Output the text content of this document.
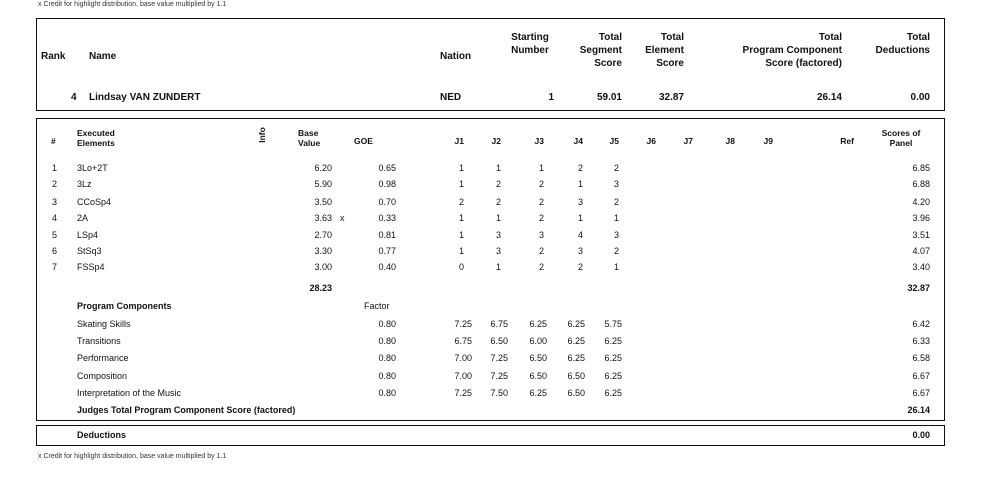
x Credit for highlight distribution, base value multiplied by 1.1
Rank Name	Nation
Starting
Number
Total
Segment
Score
Total
Element
Score
Total
Program Component
Score (factored)
Total
Deductions
4 Lindsay VAN ZUNDERT	NED	1	59.01	32.87	26.14	0.00
#
Executed
Elements
Info	Base
Value	GOE	J1	J2	J3	J4	J5	J6	J7	J8	J9	Ref
Scores of
Panel
1 3Lo+2T	6.20	0.65	1	1	1	2	2	6.85
2 3Lz	5.90	0.98	1	2	2	1	3	6.88
3 CCoSp4	3.50	0.70	2	2	2	3	2	4.20
4 2A	3.63 x	0.33	1	1	2	1	1	3.96
5 LSp4	2.70	0.81	1	3	3	4	3	3.51
6 StSq3	3.30	0.77	1	3	2	3	2	4.07
7 FSSp4	3.00	0.40	0	1	2	2	1	3.40
28.23	32.87
Program Components	Factor
Skating Skills	0.80	7.25	6.75	6.25	6.25	5.75	6.42
Transitions	0.80	6.75	6.50	6.00	6.25	6.25	6.33
Performance	0.80	7.00	7.25	6.50	6.25	6.25	6.58
Composition	0.80	7.00	7.25	6.50	6.50	6.25	6.67
Interpretation of the Music	0.80	7.25	7.50	6.25	6.50	6.25	6.67
Judges Total Program Component Score (factored)	26.14
Deductions	0.00
x Credit for highlight distribution, base value multiplied by 1.1
